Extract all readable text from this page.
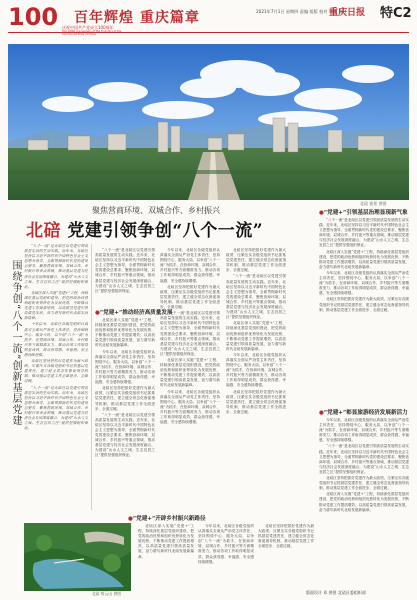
100 庆祝中国共产党成立100周年
Communist Party of China
百年辉煌 重庆篇章	2021年7月1日 星期四 责编 组版 校对 审读 责任
重庆日报 特C2
北碚 夜景 供图
聚焦营商环境、双城合作、乡村振兴
北碚 党建引领争创“八个一流”
围绕争创“八个一流”创新基层党建

“八个一流”是北碚区以党建引领高质量发展的生动实践。近年来，北碚区坚持以习近平新时代中国特色社会主义思想为指导，全面贯彻新时代党的建设总要求，聚焦营商环境、双城合作、乡村振兴等重点领域，推动基层党建与经济社会发展深度融合，为建设“山水人文之城、生态宜居之区”提供坚强组织保证。

北碚区深入实施“党建+”工程，持续深化基层党组织建设，把党的政治优势和组织优势转化为发展优势，不断推动党建工作提质增效，以高质量党建引领高质量发展，奋力谱写新时代北碚发展新篇章。

今年以来，北碚区各级党组织认真落实全面从严治党主体责任，坚持围绕中心、服务大局，以争创“八个一流”为抓手，在营商环境、双城合作、乡村振兴等方面精准发力，推动各项工作取得明显成效，群众获得感、幸福感、安全感持续增强。

北碚区坚持把抓好党建作为最大政绩，压紧压实各级党组织书记抓基层党建责任，建立健全常态化督促指导机制，推动基层党建工作全面进步、全面过硬。

“八个一流”是北碚区以党建引领高质量发展的生动实践。近年来，北碚区坚持以习近平新时代中国特色社会主义思想为指导，全面贯彻新时代党的建设总要求，聚焦营商环境、双城合作、乡村振兴等重点领域，推动基层党建与经济社会发展深度融合，为建设“山水人文之城、生态宜居之区”提供坚强组织保证。

“八个一流”是北碚区以党建引领高质量发展的生动实践。近年来，北碚区坚持以习近平新时代中国特色社会主义思想为指导，全面贯彻新时代党的建设总要求，聚焦营商环境、双城合作、乡村振兴等重点领域，推动基层党建与经济社会发展深度融合，为建设“山水人文之城、生态宜居之区”提供坚强组织保证。

●“党建+”推动经济高质量发展

北碚区深入实施“党建+”工程，持续深化基层党组织建设，把党的政治优势和组织优势转化为发展优势，不断推动党建工作提质增效，以高质量党建引领高质量发展，奋力谱写新时代北碚发展新篇章。

今年以来，北碚区各级党组织认真落实全面从严治党主体责任，坚持围绕中心、服务大局，以争创“八个一流”为抓手，在营商环境、双城合作、乡村振兴等方面精准发力，推动各项工作取得明显成效，群众获得感、幸福感、安全感持续增强。

北碚区坚持把抓好党建作为最大政绩，压紧压实各级党组织书记抓基层党建责任，建立健全常态化督促指导机制，推动基层党建工作全面进步、全面过硬。

“八个一流”是北碚区以党建引领高质量发展的生动实践。近年来，北碚区坚持以习近平新时代中国特色社会主义思想为指导，全面贯彻新时代党的建设总要求，聚焦营商环境、双城合作、乡村振兴等重点领域，推动基层党建与经济社会发展深度融合，为建设“山水人文之城、生态宜居之区”提供坚强组织保证。

今年以来，北碚区各级党组织认真落实全面从严治党主体责任，坚持围绕中心、服务大局，以争创“八个一流”为抓手，在营商环境、双城合作、乡村振兴等方面精准发力，推动各项工作取得明显成效，群众获得感、幸福感、安全感持续增强。

北碚区坚持把抓好党建作为最大政绩，压紧压实各级党组织书记抓基层党建责任，建立健全常态化督促指导机制，推动基层党建工作全面进步、全面过硬。

“八个一流”是北碚区以党建引领高质量发展的生动实践。近年来，北碚区坚持以习近平新时代中国特色社会主义思想为指导，全面贯彻新时代党的建设总要求，聚焦营商环境、双城合作、乡村振兴等重点领域，推动基层党建与经济社会发展深度融合，为建设“山水人文之城、生态宜居之区”提供坚强组织保证。

北碚区深入实施“党建+”工程，持续深化基层党组织建设，把党的政治优势和组织优势转化为发展优势，不断推动党建工作提质增效，以高质量党建引领高质量发展，奋力谱写新时代北碚发展新篇章。

今年以来，北碚区各级党组织认真落实全面从严治党主体责任，坚持围绕中心、服务大局，以争创“八个一流”为抓手，在营商环境、双城合作、乡村振兴等方面精准发力，推动各项工作取得明显成效，群众获得感、幸福感、安全感持续增强。

北碚区坚持把抓好党建作为最大政绩，压紧压实各级党组织书记抓基层党建责任，建立健全常态化督促指导机制，推动基层党建工作全面进步、全面过硬。

“八个一流”是北碚区以党建引领高质量发展的生动实践。近年来，北碚区坚持以习近平新时代中国特色社会主义思想为指导，全面贯彻新时代党的建设总要求，聚焦营商环境、双城合作、乡村振兴等重点领域，推动基层党建与经济社会发展深度融合，为建设“山水人文之城、生态宜居之区”提供坚强组织保证。

北碚区深入实施“党建+”工程，持续深化基层党组织建设，把党的政治优势和组织优势转化为发展优势，不断推动党建工作提质增效，以高质量党建引领高质量发展，奋力谱写新时代北碚发展新篇章。

今年以来，北碚区各级党组织认真落实全面从严治党主体责任，坚持围绕中心、服务大局，以争创“八个一流”为抓手，在营商环境、双城合作、乡村振兴等方面精准发力，推动各项工作取得明显成效，群众获得感、幸福感、安全感持续增强。

北碚区坚持把抓好党建作为最大政绩，压紧压实各级党组织书记抓基层党建责任，建立健全常态化督促指导机制，推动基层党建工作全面进步、全面过硬。

●“党建+”引领基层治理显现新气象

“八个一流”是北碚区以党建引领高质量发展的生动实践。近年来，北碚区坚持以习近平新时代中国特色社会主义思想为指导，全面贯彻新时代党的建设总要求，聚焦营商环境、双城合作、乡村振兴等重点领域，推动基层党建与经济社会发展深度融合，为建设“山水人文之城、生态宜居之区”提供坚强组织保证。

北碚区深入实施“党建+”工程，持续深化基层党组织建设，把党的政治优势和组织优势转化为发展优势，不断推动党建工作提质增效，以高质量党建引领高质量发展，奋力谱写新时代北碚发展新篇章。

今年以来，北碚区各级党组织认真落实全面从严治党主体责任，坚持围绕中心、服务大局，以争创“八个一流”为抓手，在营商环境、双城合作、乡村振兴等方面精准发力，推动各项工作取得明显成效，群众获得感、幸福感、安全感持续增强。

北碚区坚持把抓好党建作为最大政绩，压紧压实各级党组织书记抓基层党建责任，建立健全常态化督促指导机制，推动基层党建工作全面进步、全面过硬。

●“党建+”彰显旅游经济发展新活力

今年以来，北碚区各级党组织认真落实全面从严治党主体责任，坚持围绕中心、服务大局，以争创“八个一流”为抓手，在营商环境、双城合作、乡村振兴等方面精准发力，推动各项工作取得明显成效，群众获得感、幸福感、安全感持续增强。

“八个一流”是北碚区以党建引领高质量发展的生动实践。近年来，北碚区坚持以习近平新时代中国特色社会主义思想为指导，全面贯彻新时代党的建设总要求，聚焦营商环境、双城合作、乡村振兴等重点领域，推动基层党建与经济社会发展深度融合，为建设“山水人文之城、生态宜居之区”提供坚强组织保证。

北碚区坚持把抓好党建作为最大政绩，压紧压实各级党组织书记抓基层党建责任，建立健全常态化督促指导机制，推动基层党建工作全面进步、全面过硬。

北碚区深入实施“党建+”工程，持续深化基层党组织建设，把党的政治优势和组织优势转化为发展优势，不断推动党建工作提质增效，以高质量党建引领高质量发展，奋力谱写新时代北碚发展新篇章。

●“党建+”开辟乡村振兴新路径

北碚区深入实施“党建+”工程，持续深化基层党组织建设，把党的政治优势和组织优势转化为发展优势，不断推动党建工作提质增效，以高质量党建引领高质量发展，奋力谱写新时代北碚发展新篇章。

今年以来，北碚区各级党组织认真落实全面从严治党主体责任，坚持围绕中心、服务大局，以争创“八个一流”为抓手，在营商环境、双城合作、乡村振兴等方面精准发力，推动各项工作取得明显成效，群众获得感、幸福感、安全感持续增强。

北碚区坚持把抓好党建作为最大政绩，压紧压实各级党组织书记抓基层党建责任，建立健全常态化督促指导机制，推动基层党建工作全面进步、全面过硬。

北碚 缙云山 供图	版面设计 邓 供图 北碚区委组织部
